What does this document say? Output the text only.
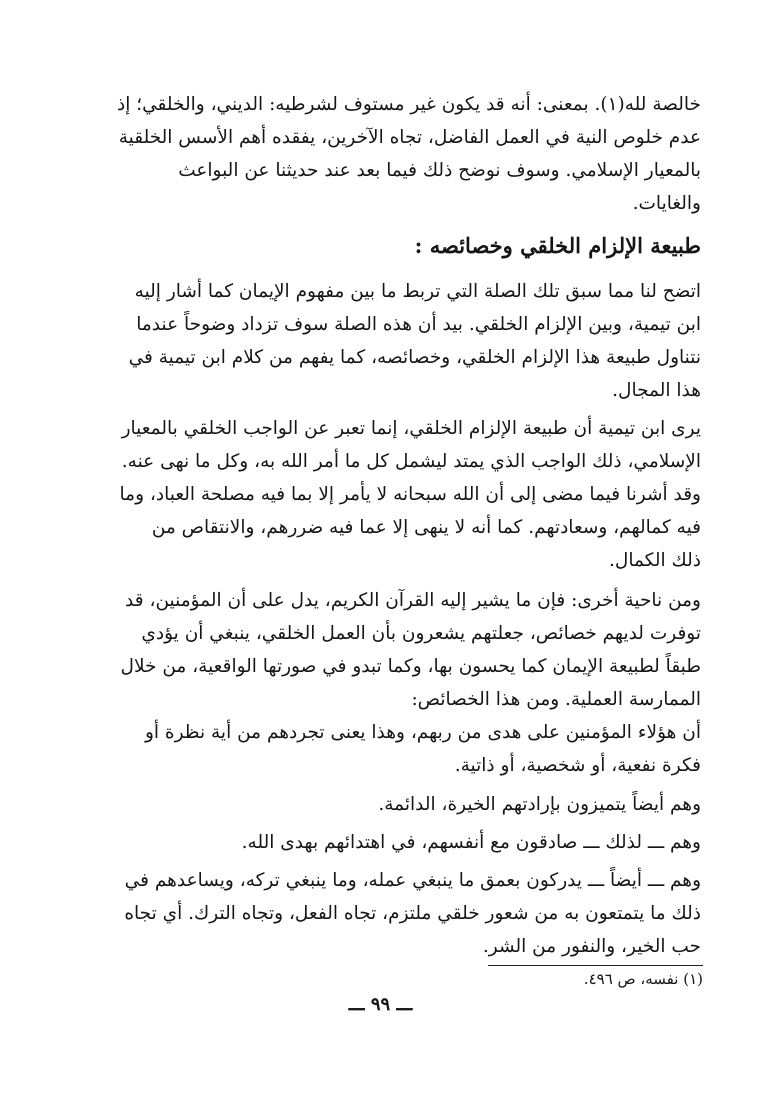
خالصة لله(١). بمعنى: أنه قد يكون غير مستوف لشرطيه: الديني، والخلقي؛ إذ
عدم خلوص النية في العمل الفاضل، تجاه الآخرين، يفقده أهم الأسس الخلقية
بالمعيار الإسلامي. وسوف نوضح ذلك فيما بعد عند حديثنا عن البواعث
والغايات.
طبيعة الإلزام الخلقي وخصائصه :
اتضح لنا مما سبق تلك الصلة التي تربط ما بين مفهوم الإيمان كما أشار إليه
ابن تيمية، وبين الإلزام الخلقي. بيد أن هذه الصلة سوف تزداد وضوحاً عندما
نتناول طبيعة هذا الإلزام الخلقي، وخصائصه، كما يفهم من كلام ابن تيمية في
هذا المجال.
يرى ابن تيمية أن طبيعة الإلزام الخلقي، إنما تعبر عن الواجب الخلقي بالمعيار
الإسلامي، ذلك الواجب الذي يمتد ليشمل كل ما أمر الله به، وكل ما نهى عنه.
وقد أشرنا فيما مضى إلى أن الله سبحانه لا يأمر إلا بما فيه مصلحة العباد، وما
فيه كمالهم، وسعادتهم. كما أنه لا ينهى إلا عما فيه ضررهم، والانتقاص من
ذلك الكمال.
ومن ناحية أخرى: فإن ما يشير إليه القرآن الكريم، يدل على أن المؤمنين، قد
توفرت لديهم خصائص، جعلتهم يشعرون بأن العمل الخلقي، ينبغي أن يؤدي
طبقاً لطبيعة الإيمان كما يحسون بها، وكما تبدو في صورتها الواقعية، من خلال
الممارسة العملية. ومن هذا الخصائص:
أن هؤلاء المؤمنين على هدى من ربهم، وهذا يعنى تجردهم من أية نظرة أو
فكرة نفعية، أو شخصية، أو ذاتية.
وهم أيضاً يتميزون بإرادتهم الخيرة، الدائمة.
وهم ـــ لذلك ـــ صادقون مع أنفسهم، في اهتدائهم بهدى الله.
وهم ـــ أيضاً ـــ يدركون بعمق ما ينبغي عمله، وما ينبغي تركه، ويساعدهم في
ذلك ما يتمتعون به من شعور خلقي ملتزم، تجاه الفعل، وتجاه الترك. أي تجاه
حب الخير، والنفور من الشر.

(١) نفسه، ص ٤٩٦.

ـــ ٩٩ ـــ
